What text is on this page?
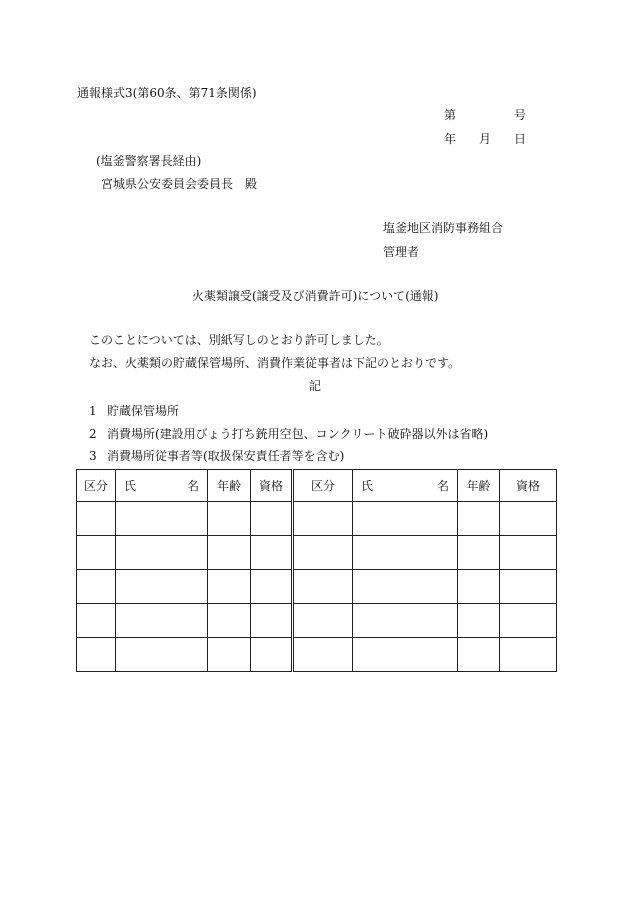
通報様式3(第60条、第71条関係)
第	号
年 月 日
(塩釜警察署長経由)
宮城県公安委員会委員長　殿
塩釜地区消防事務組合
管理者
火薬類譲受(譲受及び消費許可)について(通報)
このことについては、別紙写しのとおり許可しました。
なお、火薬類の貯蔵保管場所、消費作業従事者は下記のとおりです。
記
1 貯蔵保管場所
2 消費場所(建設用びょう打ち銃用空包、コンクリート破砕器以外は省略)
3 消費場所従事者等(取扱保安責任者等を含む)
区分	氏 名	年齢	資格	区分	氏 名	年齢	資格
